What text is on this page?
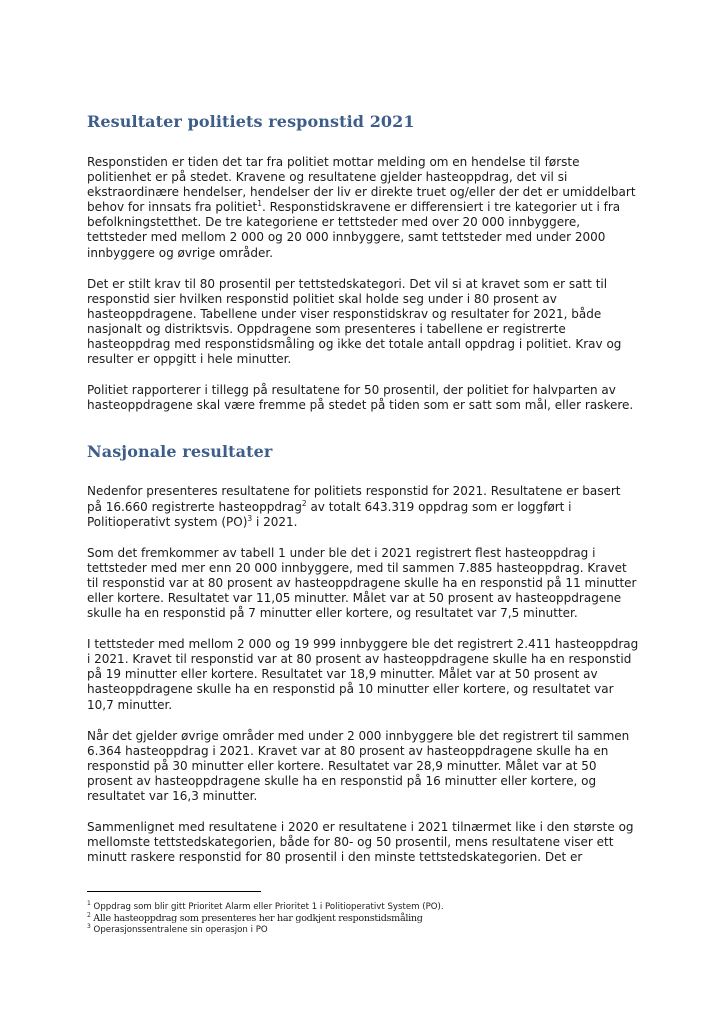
Resultater politiets responstid 2021

Responstiden er tiden det tar fra politiet mottar melding om en hendelse til første politienhet er på stedet. Kravene og resultatene gjelder hasteoppdrag, det vil si ekstraordinære hendelser, hendelser der liv er direkte truet og/eller der det er umiddelbart behov for innsats fra politiet$^1$. Responstidskravene er differensiert i tre kategorier ut i fra befolkningstetthet. De tre kategoriene er tettsteder med over 20 000 innbyggere, tettsteder med mellom 2 000 og 20 000 innbyggere, samt tettsteder med under 2000 innbyggere og øvrige områder.

Det er stilt krav til 80 prosentil per tettstedskategori. Det vil si at kravet som er satt til responstid sier hvilken responstid politiet skal holde seg under i 80 prosent av hasteoppdragene. Tabellene under viser responstidskrav og resultater for 2021, både nasjonalt og distriktsvis. Oppdragene som presenteres i tabellene er registrerte hasteoppdrag med responstidsmåling og ikke det totale antall oppdrag i politiet. Krav og resulter er oppgitt i hele minutter.

Politiet rapporterer i tillegg på resultatene for 50 prosentil, der politiet for halvparten av hasteoppdragene skal være fremme på stedet på tiden som er satt som mål, eller raskere.

Nasjonale resultater

Nedenfor presenteres resultatene for politiets responstid for 2021. Resultatene er basert på 16.660 registrerte hasteoppdrag$^2$ av totalt 643.319 oppdrag som er loggført i Politioperativt system (PO)$^3$ i 2021.

Som det fremkommer av tabell 1 under ble det i 2021 registrert flest hasteoppdrag i tettsteder med mer enn 20 000 innbyggere, med til sammen 7.885 hasteoppdrag. Kravet til responstid var at 80 prosent av hasteoppdragene skulle ha en responstid på 11 minutter eller kortere. Resultatet var 11,05 minutter. Målet var at 50 prosent av hasteoppdragene skulle ha en responstid på 7 minutter eller kortere, og resultatet var 7,5 minutter.

I tettsteder med mellom 2 000 og 19 999 innbyggere ble det registrert 2.411 hasteoppdrag i 2021. Kravet til responstid var at 80 prosent av hasteoppdragene skulle ha en responstid på 19 minutter eller kortere. Resultatet var 18,9 minutter. Målet var at 50 prosent av hasteoppdragene skulle ha en responstid på 10 minutter eller kortere, og resultatet var 10,7 minutter.

Når det gjelder øvrige områder med under 2 000 innbyggere ble det registrert til sammen 6.364 hasteoppdrag i 2021. Kravet var at 80 prosent av hasteoppdragene skulle ha en responstid på 30 minutter eller kortere. Resultatet var 28,9 minutter. Målet var at 50 prosent av hasteoppdragene skulle ha en responstid på 16 minutter eller kortere, og resultatet var 16,3 minutter.

Sammenlignet med resultatene i 2020 er resultatene i 2021 tilnærmet like i den største og mellomste tettstedskategorien, både for 80- og 50 prosentil, mens resultatene viser ett minutt raskere responstid for 80 prosentil i den minste tettstedskategorien. Det er

$^1$ Oppdrag som blir gitt Prioritet Alarm eller Prioritet 1 i Politioperativt System (PO).

$^2$ Alle hasteoppdrag som presenteres her har godkjent responstidsmåling

$^3$ Operasjonssentralene sin operasjon i PO
